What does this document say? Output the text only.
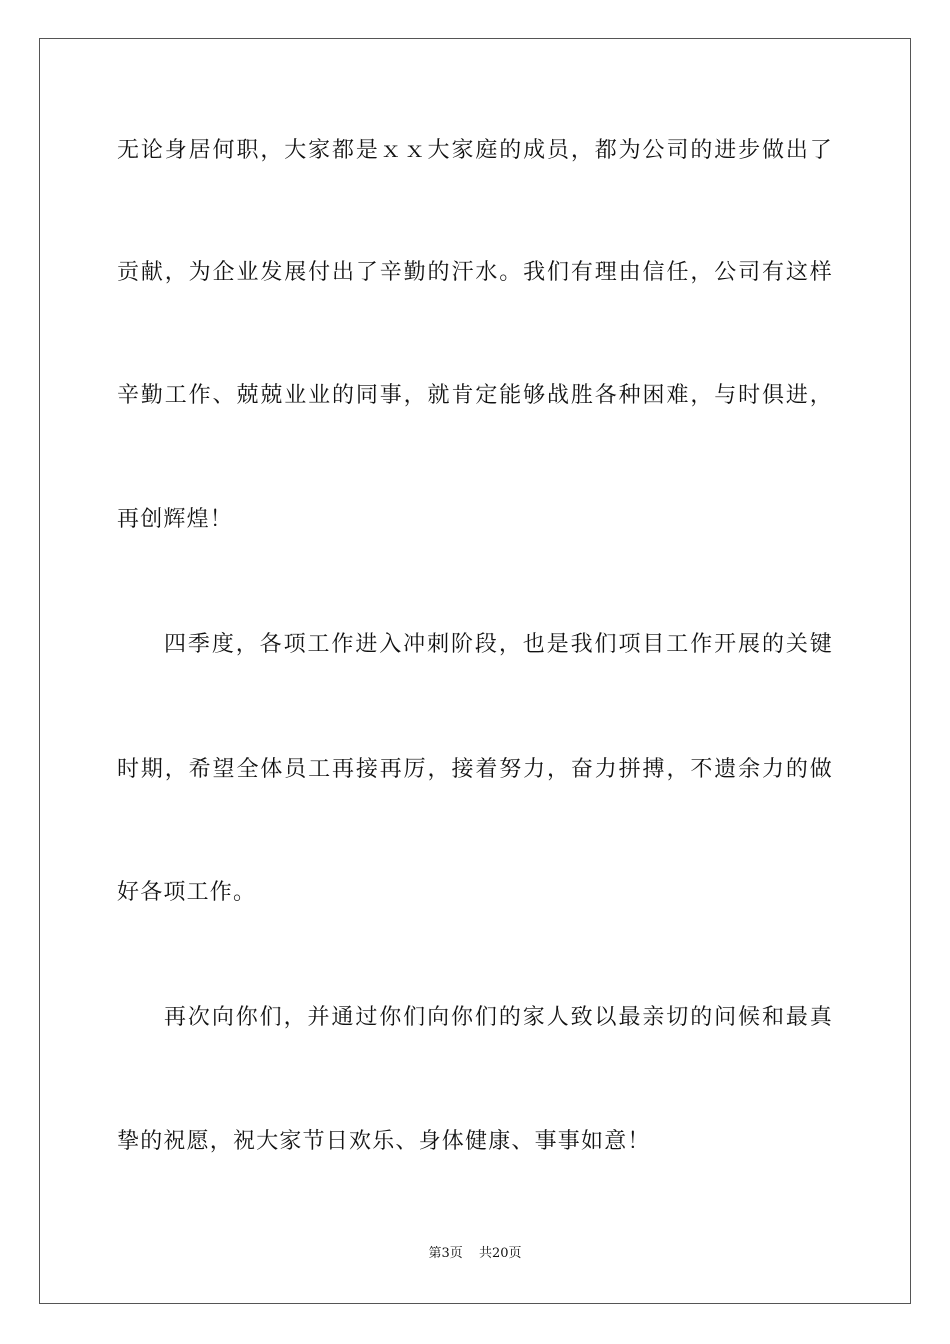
无论身居何职，大家都是ｘｘ大家庭的成员，都为公司的进步做出了
贡献，为企业发展付出了辛勤的汗水。我们有理由信任，公司有这样
辛勤工作、兢兢业业的同事，就肯定能够战胜各种困难，与时俱进，
再创辉煌！
四季度，各项工作进入冲刺阶段，也是我们项目工作开展的关键
时期，希望全体员工再接再厉，接着努力，奋力拼搏，不遗余力的做
好各项工作。
再次向你们，并通过你们向你们的家人致以最亲切的问候和最真
挚的祝愿，祝大家节日欢乐、身体健康、事事如意！
第3页 共20页
